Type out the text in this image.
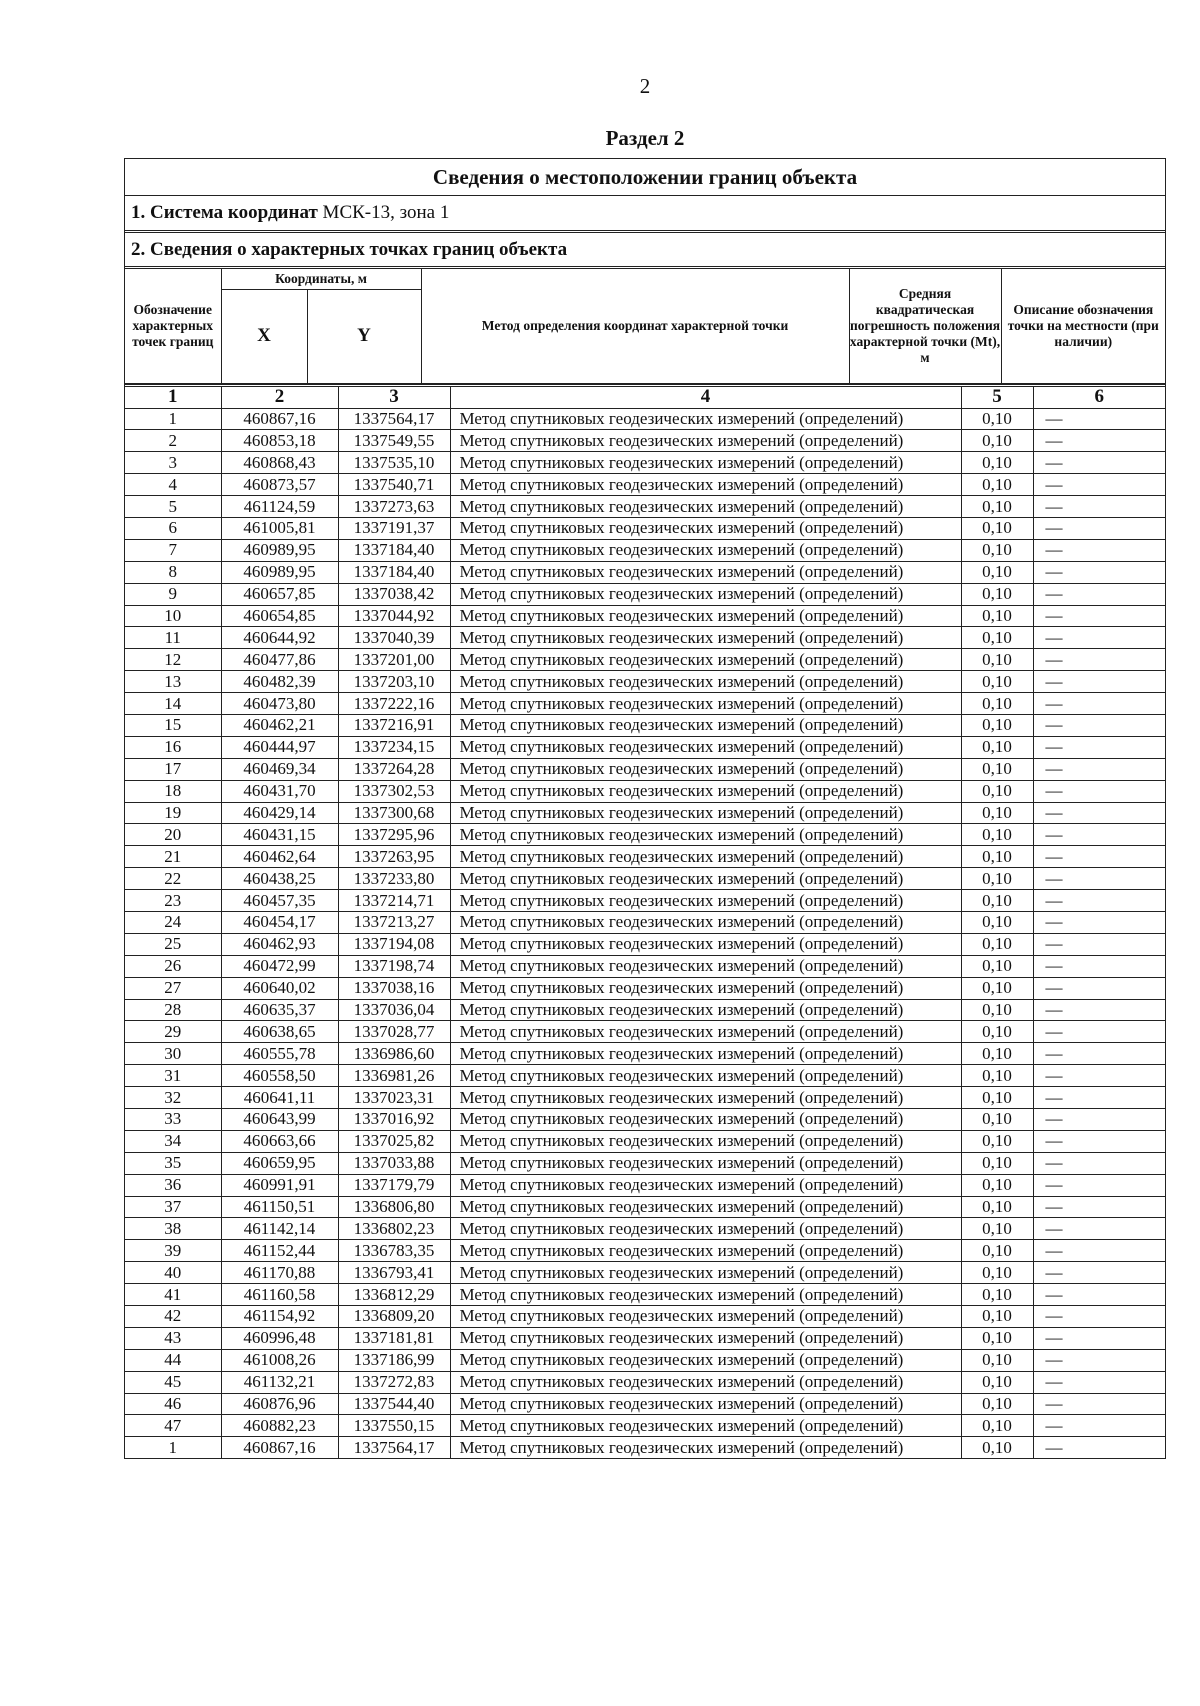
2
Раздел 2
Сведения о местоположении границ объекта
1. Система координат МСК-13, зона 1
2. Сведения о характерных точках границ объекта
Обозначение характерных точек границ	Координаты, м		Метод определения координат характерной точки	Средняя квадратическая погрешность положения характерной точки (Mt), м	Описание обозначения точки на местности (при наличии)
	X	Y			
1	2	3	4	5	6
1	460867,16	1337564,17	Метод спутниковых геодезических измерений (определений)	0,10	—
2	460853,18	1337549,55	Метод спутниковых геодезических измерений (определений)	0,10	—
3	460868,43	1337535,10	Метод спутниковых геодезических измерений (определений)	0,10	—
4	460873,57	1337540,71	Метод спутниковых геодезических измерений (определений)	0,10	—
5	461124,59	1337273,63	Метод спутниковых геодезических измерений (определений)	0,10	—
6	461005,81	1337191,37	Метод спутниковых геодезических измерений (определений)	0,10	—
7	460989,95	1337184,40	Метод спутниковых геодезических измерений (определений)	0,10	—
8	460989,95	1337184,40	Метод спутниковых геодезических измерений (определений)	0,10	—
9	460657,85	1337038,42	Метод спутниковых геодезических измерений (определений)	0,10	—
10	460654,85	1337044,92	Метод спутниковых геодезических измерений (определений)	0,10	—
11	460644,92	1337040,39	Метод спутниковых геодезических измерений (определений)	0,10	—
12	460477,86	1337201,00	Метод спутниковых геодезических измерений (определений)	0,10	—
13	460482,39	1337203,10	Метод спутниковых геодезических измерений (определений)	0,10	—
14	460473,80	1337222,16	Метод спутниковых геодезических измерений (определений)	0,10	—
15	460462,21	1337216,91	Метод спутниковых геодезических измерений (определений)	0,10	—
16	460444,97	1337234,15	Метод спутниковых геодезических измерений (определений)	0,10	—
17	460469,34	1337264,28	Метод спутниковых геодезических измерений (определений)	0,10	—
18	460431,70	1337302,53	Метод спутниковых геодезических измерений (определений)	0,10	—
19	460429,14	1337300,68	Метод спутниковых геодезических измерений (определений)	0,10	—
20	460431,15	1337295,96	Метод спутниковых геодезических измерений (определений)	0,10	—
21	460462,64	1337263,95	Метод спутниковых геодезических измерений (определений)	0,10	—
22	460438,25	1337233,80	Метод спутниковых геодезических измерений (определений)	0,10	—
23	460457,35	1337214,71	Метод спутниковых геодезических измерений (определений)	0,10	—
24	460454,17	1337213,27	Метод спутниковых геодезических измерений (определений)	0,10	—
25	460462,93	1337194,08	Метод спутниковых геодезических измерений (определений)	0,10	—
26	460472,99	1337198,74	Метод спутниковых геодезических измерений (определений)	0,10	—
27	460640,02	1337038,16	Метод спутниковых геодезических измерений (определений)	0,10	—
28	460635,37	1337036,04	Метод спутниковых геодезических измерений (определений)	0,10	—
29	460638,65	1337028,77	Метод спутниковых геодезических измерений (определений)	0,10	—
30	460555,78	1336986,60	Метод спутниковых геодезических измерений (определений)	0,10	—
31	460558,50	1336981,26	Метод спутниковых геодезических измерений (определений)	0,10	—
32	460641,11	1337023,31	Метод спутниковых геодезических измерений (определений)	0,10	—
33	460643,99	1337016,92	Метод спутниковых геодезических измерений (определений)	0,10	—
34	460663,66	1337025,82	Метод спутниковых геодезических измерений (определений)	0,10	—
35	460659,95	1337033,88	Метод спутниковых геодезических измерений (определений)	0,10	—
36	460991,91	1337179,79	Метод спутниковых геодезических измерений (определений)	0,10	—
37	461150,51	1336806,80	Метод спутниковых геодезических измерений (определений)	0,10	—
38	461142,14	1336802,23	Метод спутниковых геодезических измерений (определений)	0,10	—
39	461152,44	1336783,35	Метод спутниковых геодезических измерений (определений)	0,10	—
40	461170,88	1336793,41	Метод спутниковых геодезических измерений (определений)	0,10	—
41	461160,58	1336812,29	Метод спутниковых геодезических измерений (определений)	0,10	—
42	461154,92	1336809,20	Метод спутниковых геодезических измерений (определений)	0,10	—
43	460996,48	1337181,81	Метод спутниковых геодезических измерений (определений)	0,10	—
44	461008,26	1337186,99	Метод спутниковых геодезических измерений (определений)	0,10	—
45	461132,21	1337272,83	Метод спутниковых геодезических измерений (определений)	0,10	—
46	460876,96	1337544,40	Метод спутниковых геодезических измерений (определений)	0,10	—
47	460882,23	1337550,15	Метод спутниковых геодезических измерений (определений)	0,10	—
1	460867,16	1337564,17	Метод спутниковых геодезических измерений (определений)	0,10	—
